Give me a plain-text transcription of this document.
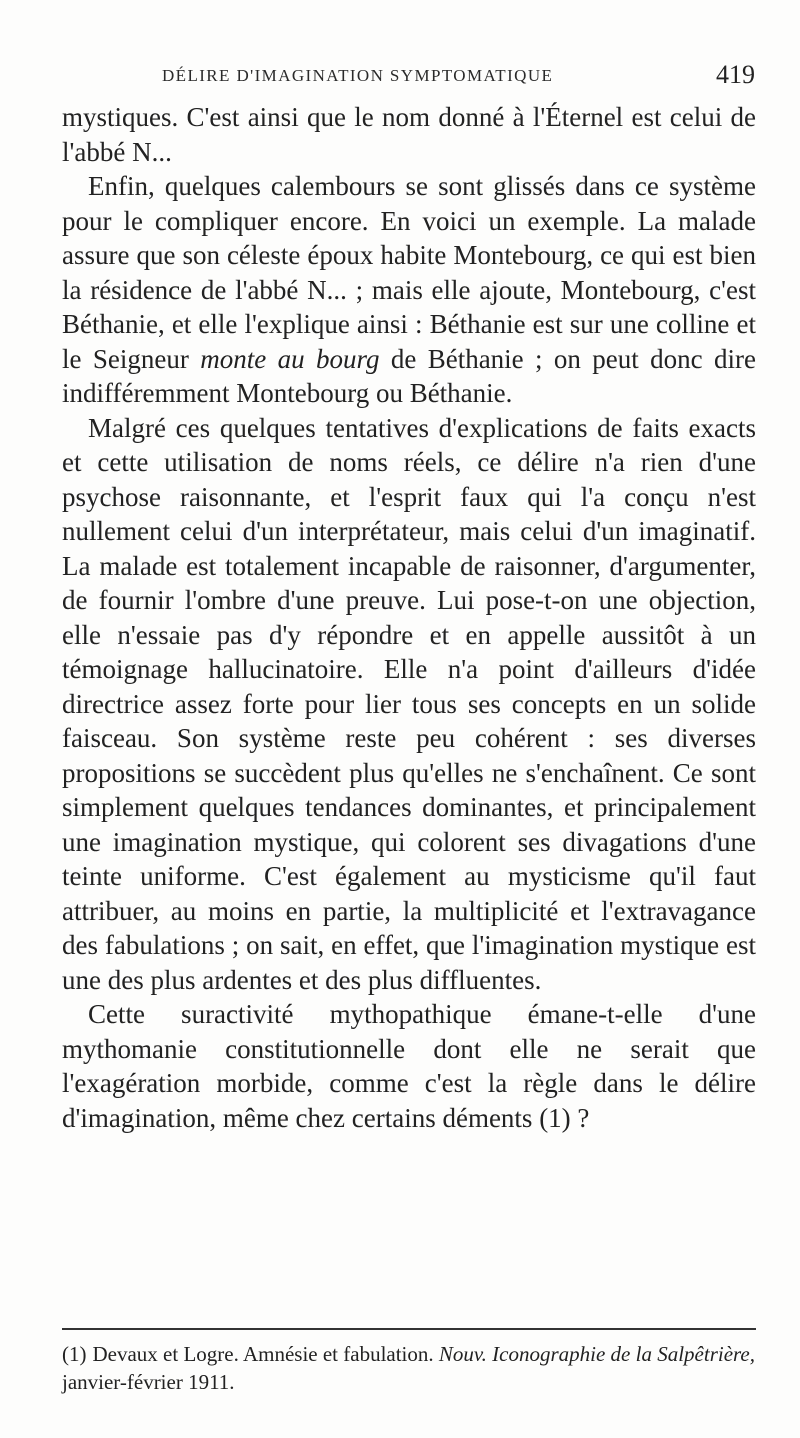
DÉLIRE D'IMAGINATION SYMPTOMATIQUE	419

mystiques. C'est ainsi que le nom donné à l'Éternel est celui de l'abbé N...

Enfin, quelques calembours se sont glissés dans ce système pour le compliquer encore. En voici un exemple. La malade assure que son céleste époux habite Montebourg, ce qui est bien la résidence de l'abbé N... ; mais elle ajoute, Montebourg, c'est Béthanie, et elle l'explique ainsi : Béthanie est sur une colline et le Seigneur monte au bourg de Béthanie ; on peut donc dire indifféremment Montebourg ou Béthanie.

Malgré ces quelques tentatives d'explications de faits exacts et cette utilisation de noms réels, ce délire n'a rien d'une psychose raisonnante, et l'esprit faux qui l'a conçu n'est nullement celui d'un interprétateur, mais celui d'un imaginatif. La malade est totalement incapable de raisonner, d'argumenter, de fournir l'ombre d'une preuve. Lui pose-t-on une objection, elle n'essaie pas d'y répondre et en appelle aussitôt à un témoignage hallucinatoire. Elle n'a point d'ailleurs d'idée directrice assez forte pour lier tous ses concepts en un solide faisceau. Son système reste peu cohérent : ses diverses propositions se succèdent plus qu'elles ne s'enchaînent. Ce sont simplement quelques tendances dominantes, et principalement une imagination mystique, qui colorent ses divagations d'une teinte uniforme. C'est également au mysticisme qu'il faut attribuer, au moins en partie, la multiplicité et l'extravagance des fabulations ; on sait, en effet, que l'imagination mystique est une des plus ardentes et des plus diffluentes.

Cette suractivité mythopathique émane-t-elle d'une mythomanie constitutionnelle dont elle ne serait que l'exagération morbide, comme c'est la règle dans le délire d'imagination, même chez certains déments (1) ?

(1) Devaux et Logre. Amnésie et fabulation. Nouv. Iconographie de la Salpêtrière, janvier-février 1911.
